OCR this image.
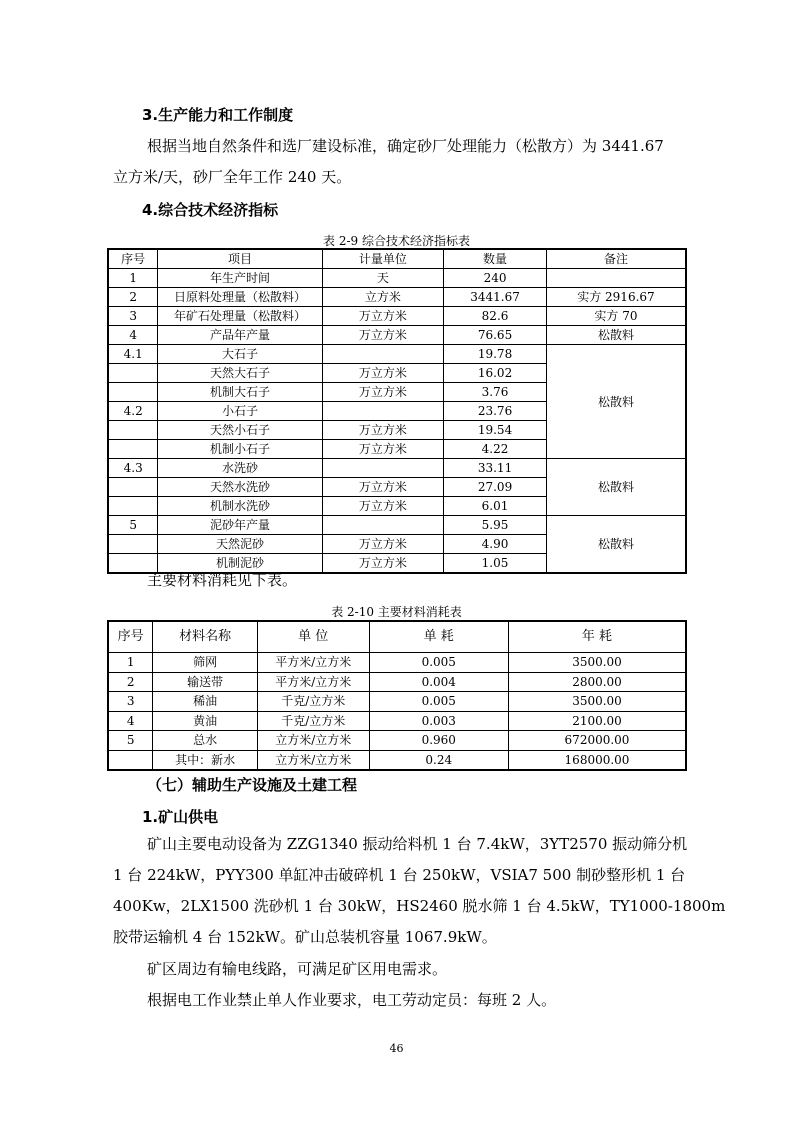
3.生产能力和工作制度
根据当地自然条件和选厂建设标准，确定砂厂处理能力（松散方）为 3441.67
立方米/天，砂厂全年工作 240 天。
4.综合技术经济指标
表 2-9 综合技术经济指标表
序号	项目	计量单位	数量	备注
1	年生产时间	天	240	
2	日原料处理量（松散料）	立方米	3441.67	实方 2916.67
3	年矿石处理量（松散料）	万立方米	82.6	实方 70
4	产品年产量	万立方米	76.65	松散料
4.1	大石子		19.78	松散料
	天然大石子	万立方米	16.02	
	机制大石子	万立方米	3.76	
4.2	小石子		23.76	
	天然小石子	万立方米	19.54	
	机制小石子	万立方米	4.22	
4.3	水洗砂		33.11	松散料
	天然水洗砂	万立方米	27.09	
	机制水洗砂	万立方米	6.01	
5	泥砂年产量		5.95	松散料
	天然泥砂	万立方米	4.90	
	机制泥砂	万立方米	1.05	
主要材料消耗见下表。
表 2-10 主要材料消耗表
序号	材料名称	单 位	单 耗	年 耗
1	筛网	平方米/立方米	0.005	3500.00
2	输送带	平方米/立方米	0.004	2800.00
3	稀油	千克/立方米	0.005	3500.00
4	黄油	千克/立方米	0.003	2100.00
5	总水	立方米/立方米	0.960	672000.00
	其中：新水	立方米/立方米	0.24	168000.00
（七）辅助生产设施及土建工程
1.矿山供电
矿山主要电动设备为 ZZG1340 振动给料机 1 台 7.4kW，3YT2570 振动筛分机
1 台 224kW，PYY300 单缸冲击破碎机 1 台 250kW，VSIA7 500 制砂整形机 1 台
400Kw，2LX1500 洗砂机 1 台 30kW，HS2460 脱水筛 1 台 4.5kW，TY1000-1800m
胶带运输机 4 台 152kW。矿山总装机容量 1067.9kW。
矿区周边有输电线路，可满足矿区用电需求。
根据电工作业禁止单人作业要求，电工劳动定员：每班 2 人。
46
